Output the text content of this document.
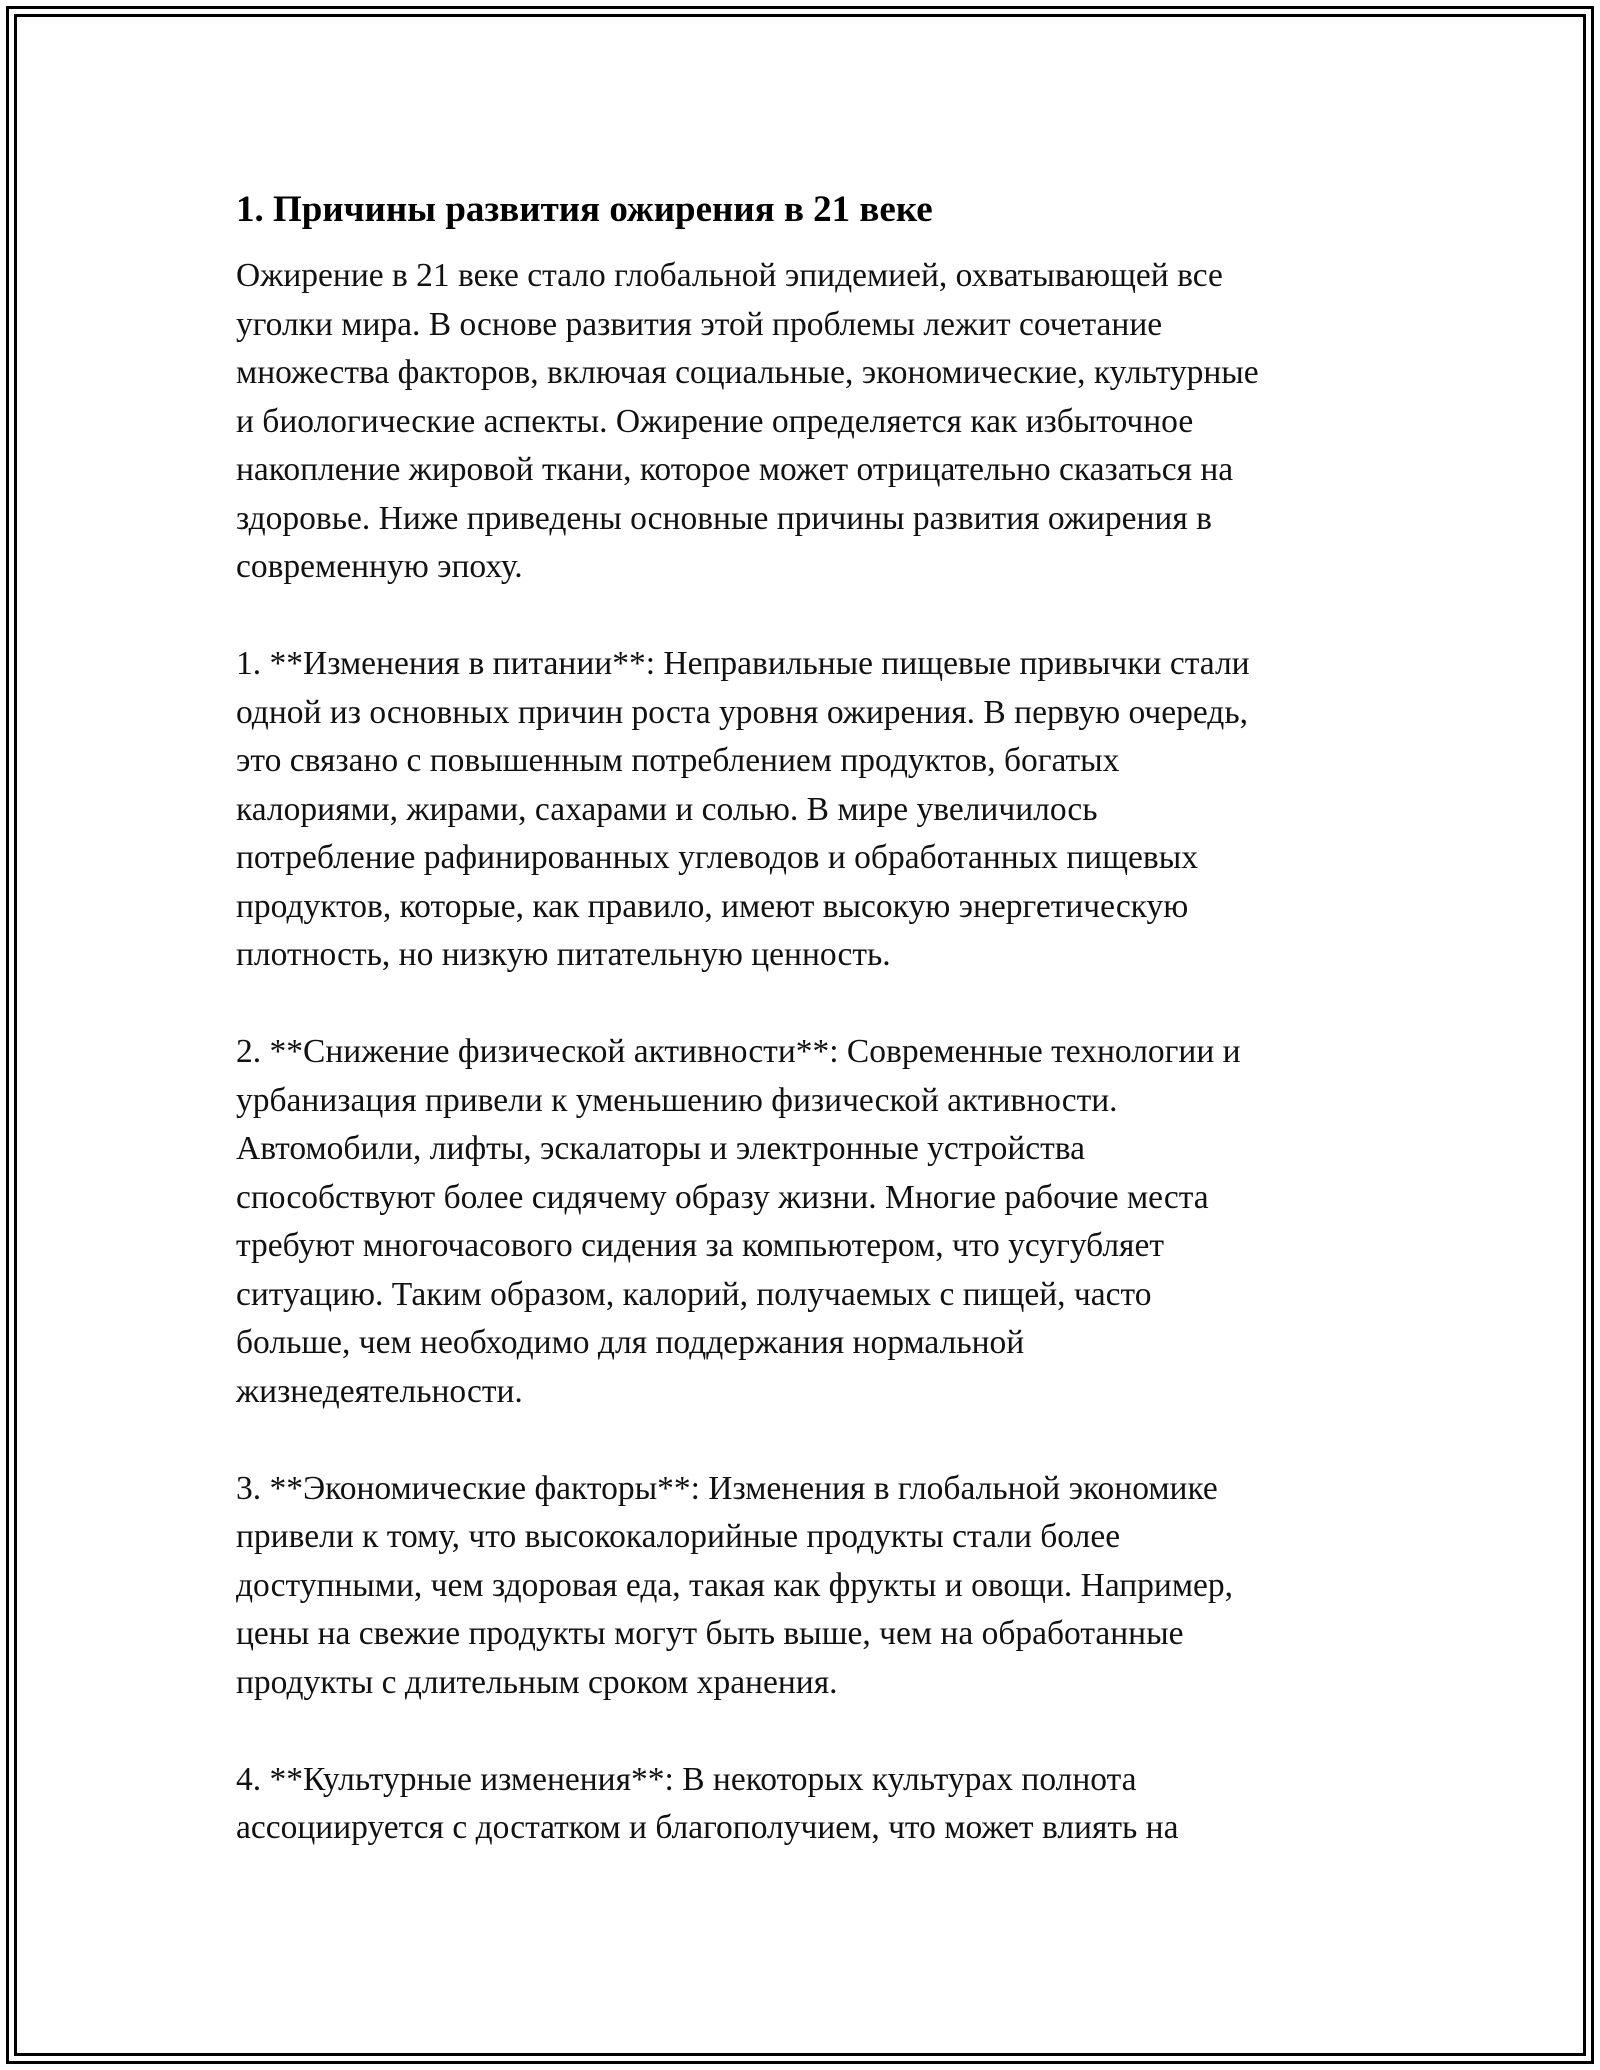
1. Причины развития ожирения в 21 веке

Ожирение в 21 веке стало глобальной эпидемией, охватывающей все
уголки мира. В основе развития этой проблемы лежит сочетание
множества факторов, включая социальные, экономические, культурные
и биологические аспекты. Ожирение определяется как избыточное
накопление жировой ткани, которое может отрицательно сказаться на
здоровье. Ниже приведены основные причины развития ожирения в
современную эпоху.

1. **Изменения в питании**: Неправильные пищевые привычки стали
одной из основных причин роста уровня ожирения. В первую очередь,
это связано с повышенным потреблением продуктов, богатых
калориями, жирами, сахарами и солью. В мире увеличилось
потребление рафинированных углеводов и обработанных пищевых
продуктов, которые, как правило, имеют высокую энергетическую
плотность, но низкую питательную ценность.

2. **Снижение физической активности**: Современные технологии и
урбанизация привели к уменьшению физической активности.
Автомобили, лифты, эскалаторы и электронные устройства
способствуют более сидячему образу жизни. Многие рабочие места
требуют многочасового сидения за компьютером, что усугубляет
ситуацию. Таким образом, калорий, получаемых с пищей, часто
больше, чем необходимо для поддержания нормальной
жизнедеятельности.

3. **Экономические факторы**: Изменения в глобальной экономике
привели к тому, что высококалорийные продукты стали более
доступными, чем здоровая еда, такая как фрукты и овощи. Например,
цены на свежие продукты могут быть выше, чем на обработанные
продукты с длительным сроком хранения.

4. **Культурные изменения**: В некоторых культурах полнота
ассоциируется с достатком и благополучием, что может влиять на
